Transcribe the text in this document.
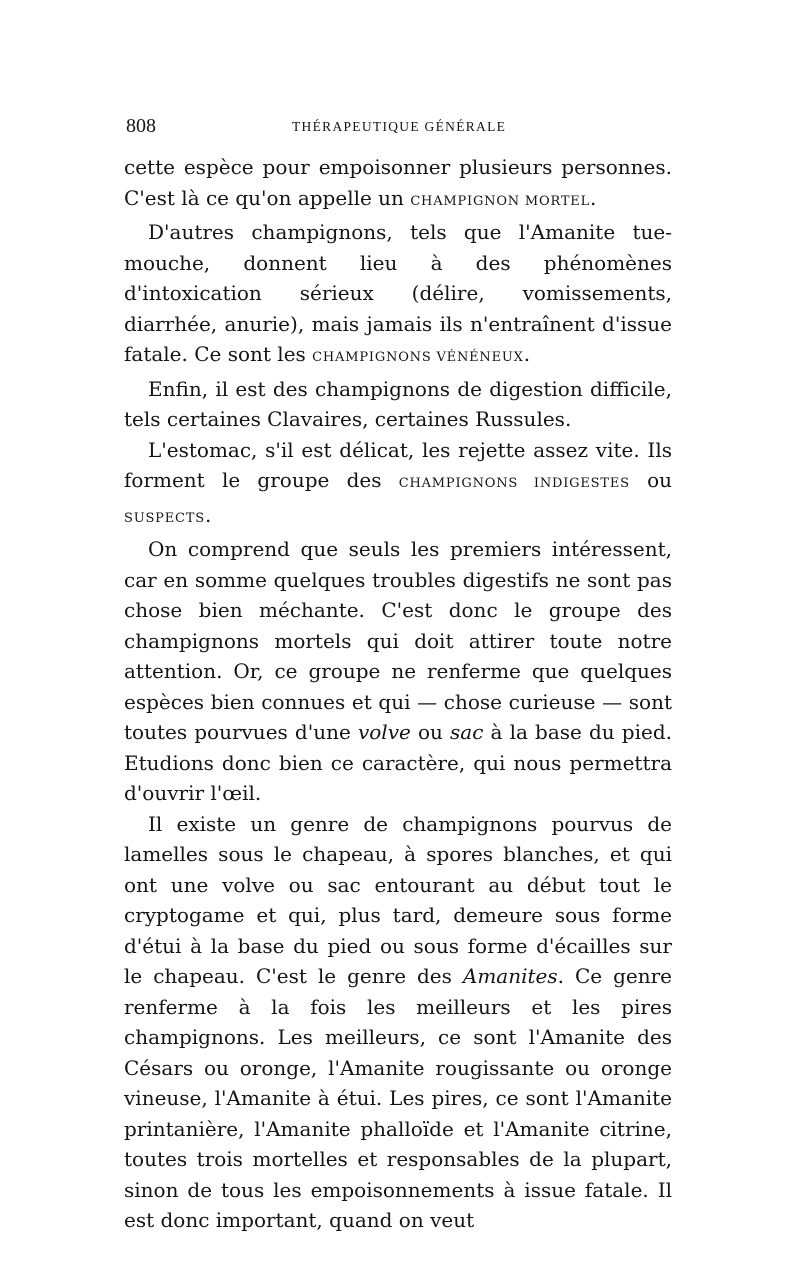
808	THÉRAPEUTIQUE GÉNÉRALE

cette espèce pour empoisonner plusieurs personnes. C'est là ce qu'on appelle un CHAMPIGNON MORTEL.

D'autres champignons, tels que l'Amanite tue-mouche, donnent lieu à des phénomènes d'intoxication sérieux (délire, vomissements, diarrhée, anurie), mais jamais ils n'entraînent d'issue fatale. Ce sont les CHAMPIGNONS VÉNÉNEUX.

Enfin, il est des champignons de digestion difficile, tels certaines Clavaires, certaines Russules.

L'estomac, s'il est délicat, les rejette assez vite. Ils forment le groupe des CHAMPIGNONS INDIGESTES ou SUSPECTS.

On comprend que seuls les premiers intéressent, car en somme quelques troubles digestifs ne sont pas chose bien méchante. C'est donc le groupe des champignons mortels qui doit attirer toute notre attention. Or, ce groupe ne renferme que quelques espèces bien connues et qui — chose curieuse — sont toutes pourvues d'une volve ou sac à la base du pied. Etudions donc bien ce caractère, qui nous permettra d'ouvrir l'œil.

Il existe un genre de champignons pourvus de lamelles sous le chapeau, à spores blanches, et qui ont une volve ou sac entourant au début tout le cryptogame et qui, plus tard, demeure sous forme d'étui à la base du pied ou sous forme d'écailles sur le chapeau. C'est le genre des Amanites. Ce genre renferme à la fois les meilleurs et les pires champignons. Les meilleurs, ce sont l'Amanite des Césars ou oronge, l'Amanite rougissante ou oronge vineuse, l'Amanite à étui. Les pires, ce sont l'Amanite printanière, l'Amanite phalloïde et l'Amanite citrine, toutes trois mortelles et responsables de la plupart, sinon de tous les empoisonnements à issue fatale. Il est donc important, quand on veut
